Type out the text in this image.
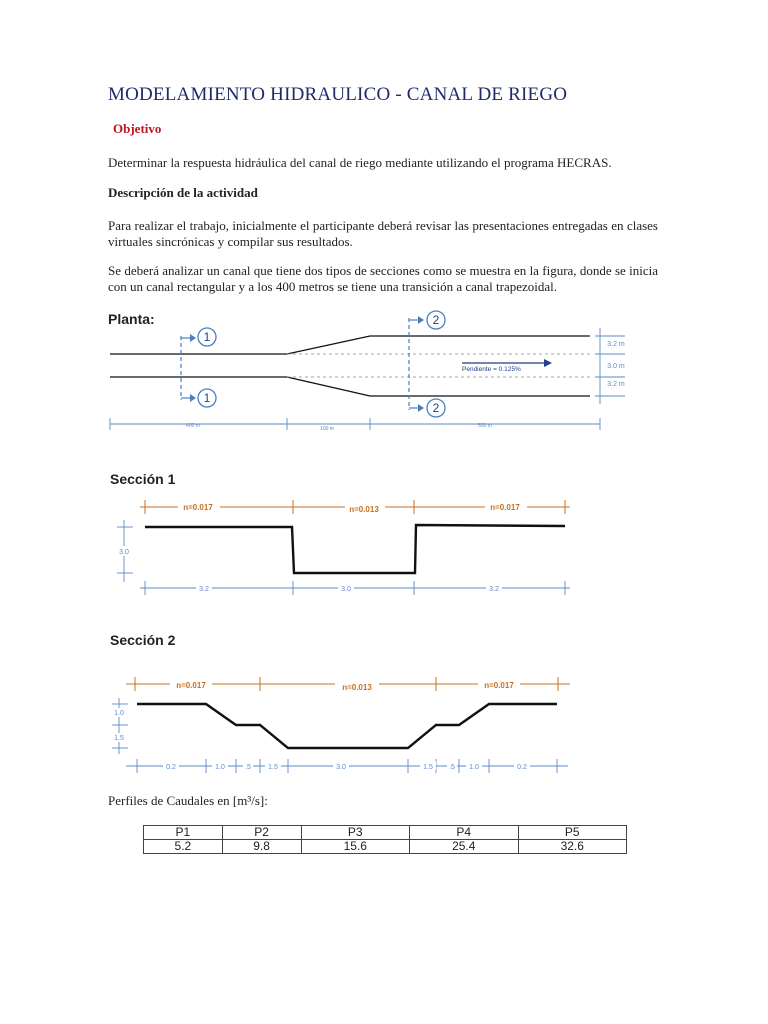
MODELAMIENTO HIDRAULICO - CANAL DE RIEGO
Objetivo
Determinar la respuesta hidráulica del canal de riego mediante utilizando el programa HECRAS.
Descripción de la actividad
Para realizar el trabajo, inicialmente el participante deberá revisar las presentaciones entregadas en clases virtuales sincrónicas y compilar sus resultados.
Se deberá analizar un canal que tiene dos tipos de secciones como se muestra en la figura, donde se inicia con un canal rectangular y a los 400 metros se tiene una transición a canal trapezoidal.
Planta:
1
1
2
2
Pendiente = 0.125%
3.2 m
3.0 m
3.2 m
400 m	100 m	500 m
Sección 1
n=0.017	n=0.013	n=0.017
3.0
3.2	3.0	3.2
Sección 2
n=0.017	n=0.013	n=0.017
1.0
1.5
0.2	1.0	.5 1.5	3.0	1.5 .5 1.0	0.2
Perfiles de Caudales en [m³/s]:
P1	P2	P3	P4	P5
5.2	9.8	15.6	25.4	32.6
